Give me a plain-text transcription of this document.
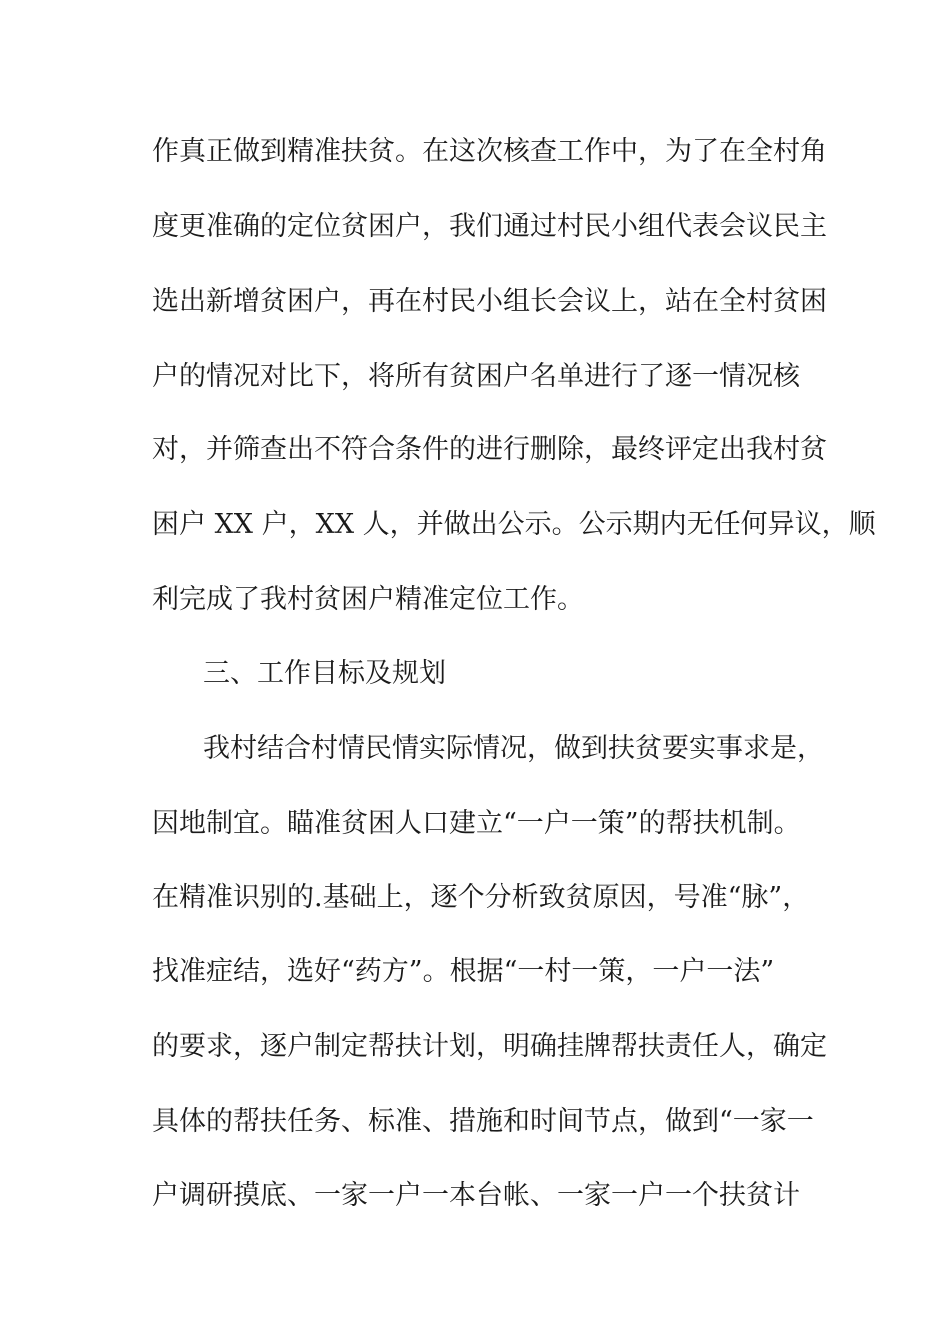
作真正做到精准扶贫。在这次核查工作中，为了在全村角
度更准确的定位贫困户，我们通过村民小组代表会议民主
选出新增贫困户，再在村民小组长会议上，站在全村贫困
户的情况对比下，将所有贫困户名单进行了逐一情况核
对，并筛查出不符合条件的进行删除，最终评定出我村贫
困户 XX 户，XX 人，并做出公示。公示期内无任何异议，顺
利完成了我村贫困户精准定位工作。
三、工作目标及规划
我村结合村情民情实际情况，做到扶贫要实事求是，
因地制宜。瞄准贫困人口建立“一户一策”的帮扶机制。
在精准识别的.基础上，逐个分析致贫原因，号准“脉”，
找准症结，选好“药方”。根据“一村一策，一户一法”
的要求，逐户制定帮扶计划，明确挂牌帮扶责任人，确定
具体的帮扶任务、标准、措施和时间节点，做到“一家一
户调研摸底、一家一户一本台帐、一家一户一个扶贫计
